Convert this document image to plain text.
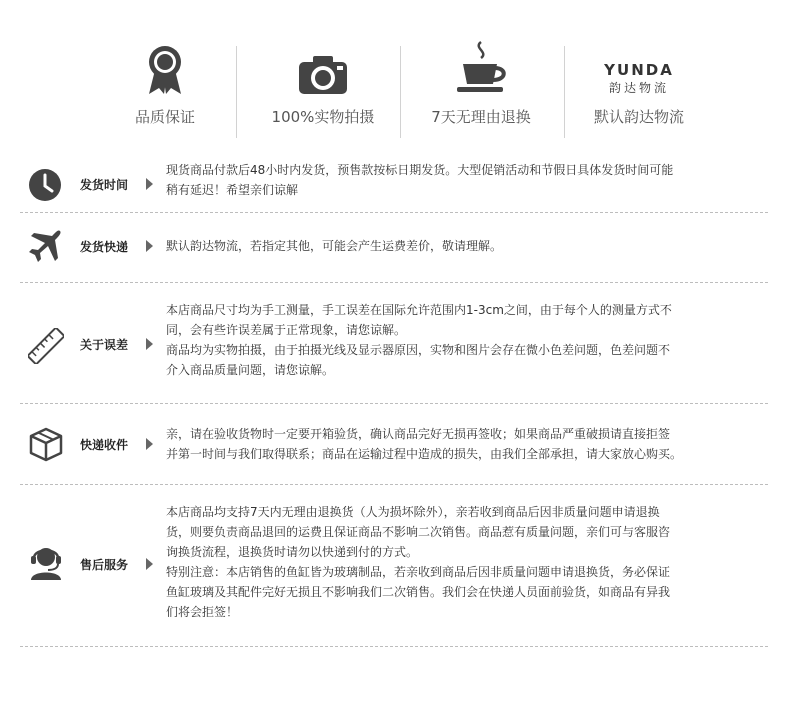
品质保证	100%实物拍摄	7天无理由退换
YUNDA
韵达物流
默认韵达物流
发货时间
现货商品付款后48小时内发货，预售款按标日期发货。大型促销活动和节假日具体发货时间可能
稍有延迟！希望亲们谅解
发货快递	默认韵达物流，若指定其他，可能会产生运费差价，敬请理解。
关于误差
本店商品尺寸均为手工测量，手工误差在国际允许范围内1-3cm之间，由于每个人的测量方式不
同，会有些许误差属于正常现象，请您谅解。
商品均为实物拍摄，由于拍摄光线及显示器原因，实物和图片会存在微小色差问题，色差问题不
介入商品质量问题，请您谅解。
快递收件
亲，请在验收货物时一定要开箱验货，确认商品完好无损再签收；如果商品严重破损请直接拒签
并第一时间与我们取得联系；商品在运输过程中造成的损失，由我们全部承担，请大家放心购买。
售后服务
本店商品均支持7天内无理由退换货（人为损坏除外），亲若收到商品后因非质量问题申请退换
货，则要负责商品退回的运费且保证商品不影响二次销售。商品惹有质量问题，亲们可与客服咨
询换货流程，退换货时请勿以快递到付的方式。
特别注意：本店销售的鱼缸皆为玻璃制品，若亲收到商品后因非质量问题申请退换货，务必保证
鱼缸玻璃及其配件完好无损且不影响我们二次销售。我们会在快递人员面前验货，如商品有异我
们将会拒签！
